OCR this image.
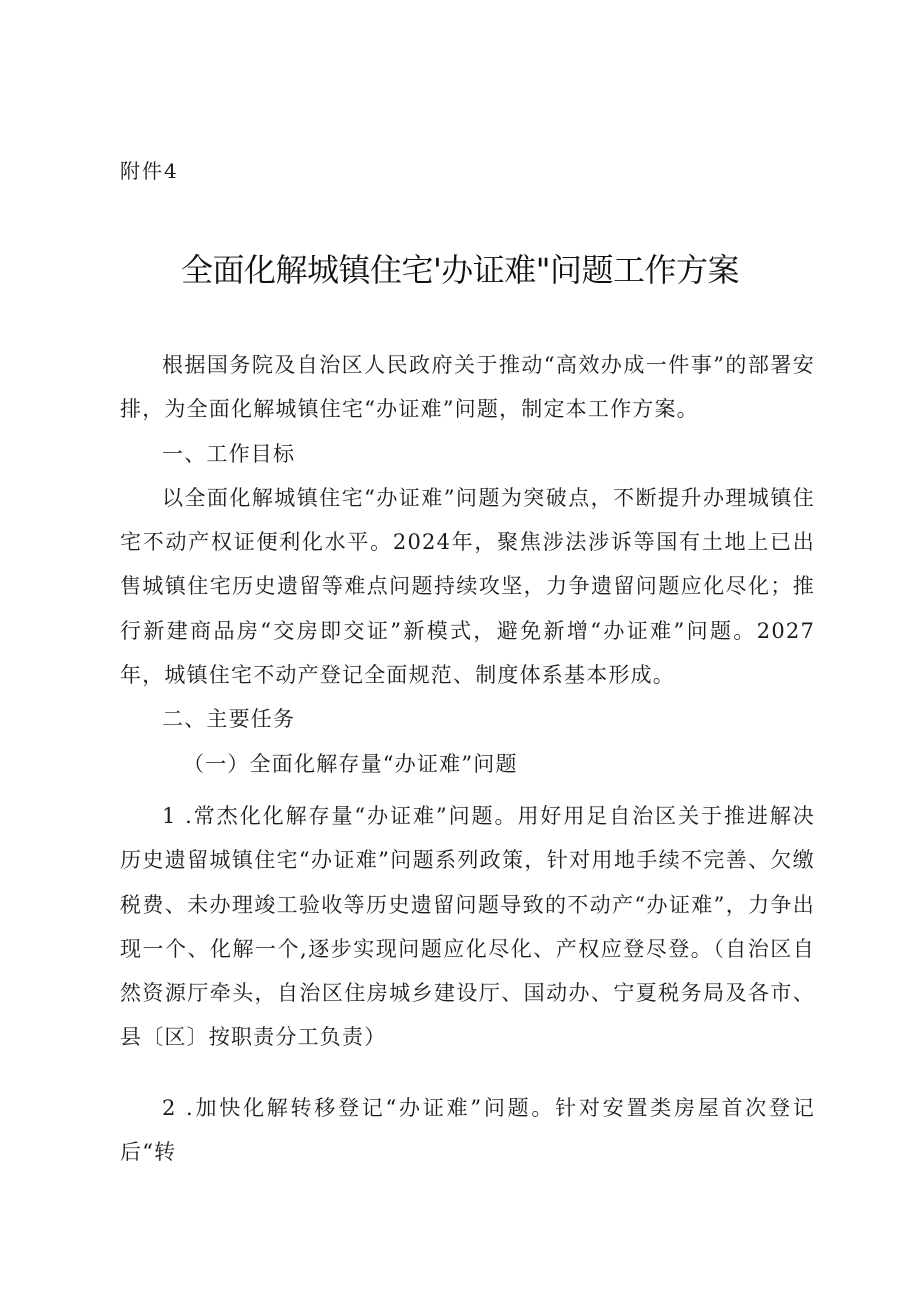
附件4
全面化解城镇住宅'办证难"问题工作方案

根据国务院及自治区人民政府关于推动“高效办成一件事”的部署安排，为全面化解城镇住宅“办证难”问题，制定本工作方案。

一、工作目标

以全面化解城镇住宅“办证难”问题为突破点，不断提升办理城镇住宅不动产权证便利化水平。2024年，聚焦涉法涉诉等国有土地上已出售城镇住宅历史遗留等难点问题持续攻坚，力争遗留问题应化尽化；推行新建商品房“交房即交证”新模式，避免新增“办证难”问题。2027年，城镇住宅不动产登记全面规范、制度体系基本形成。

二、主要任务

（一）全面化解存量“办证难”问题

1 .常杰化化解存量“办证难”问题。用好用足自治区关于推进解决历史遗留城镇住宅“办证难”问题系列政策，针对用地手续不完善、欠缴税费、未办理竣工验收等历史遗留问题导致的不动产“办证难”，力争出现一个、化解一个,逐步实现问题应化尽化、产权应登尽登。（自治区自然资源厅牵头，自治区住房城乡建设厅、国动办、宁夏税务局及各市、县〔区〕按职责分工负责）

2 .加快化解转移登记“办证难”问题。针对安置类房屋首次登记后“转
